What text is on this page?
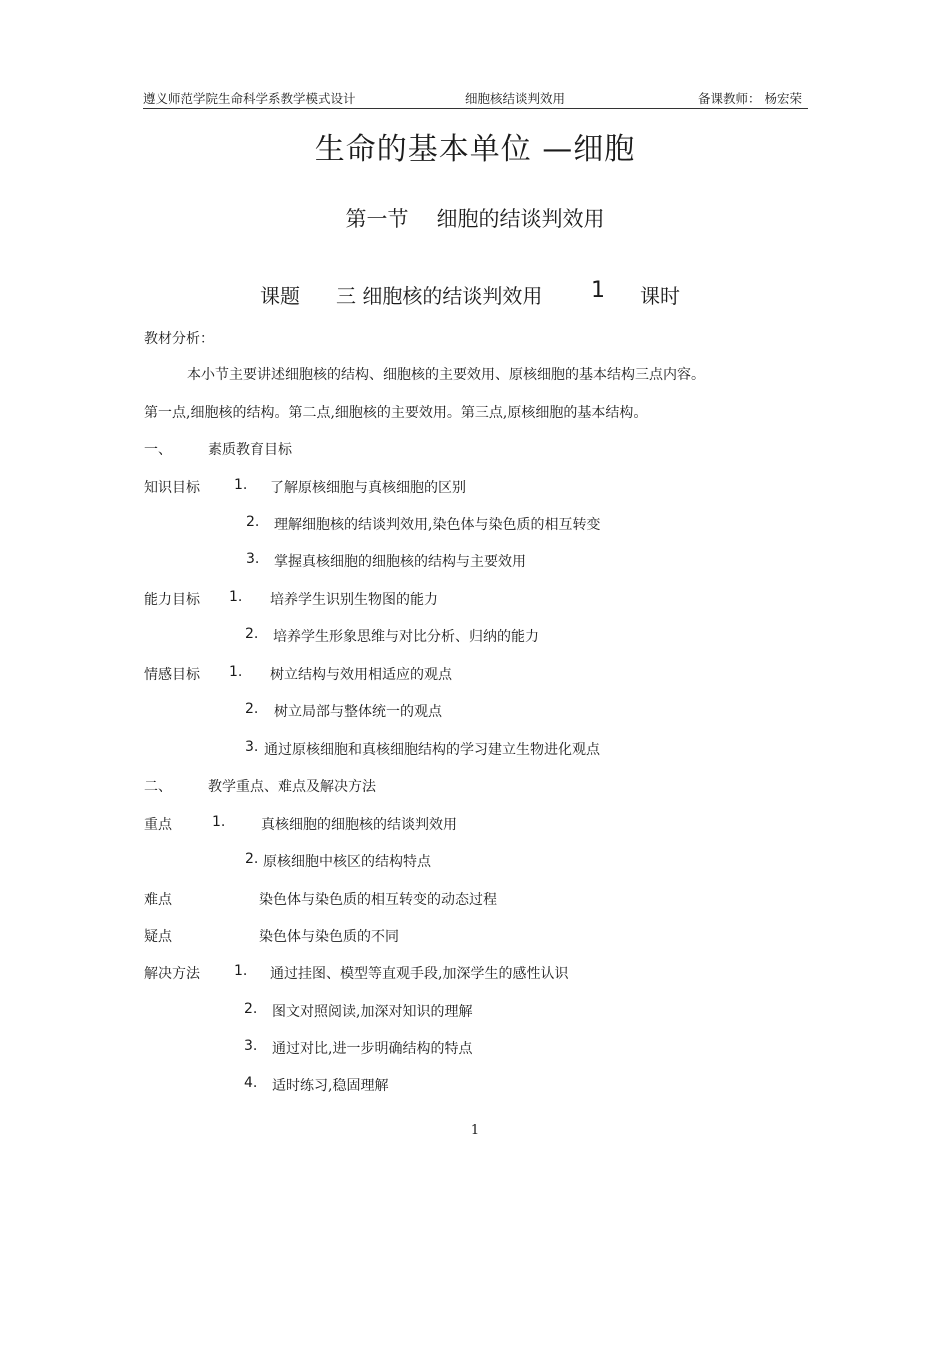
遵义师范学院生命科学系教学模式设计	细胞核结谈判效用	备课教师： 杨宏荣
生命的基本单位 —细胞
第一节 细胞的结谈判效用
课题 三 细胞核的结谈判效用 1 课时
教材分析：
本小节主要讲述细胞核的结构、细胞核的主要效用、原核细胞的基本结构三点内容。
第一点,细胞核的结构。第二点,细胞核的主要效用。第三点,原核细胞的基本结构。
一、	素质教育目标
知识目标 1. 了解原核细胞与真核细胞的区别
2. 理解细胞核的结谈判效用,染色体与染色质的相互转变
3. 掌握真核细胞的细胞核的结构与主要效用
能力目标 1. 培养学生识别生物图的能力
2. 培养学生形象思维与对比分析、归纳的能力
情感目标 1. 树立结构与效用相适应的观点
2. 树立局部与整体统一的观点
3. 通过原核细胞和真核细胞结构的学习建立生物进化观点
二、	教学重点、难点及解决方法
重点	1.	真核细胞的细胞核的结谈判效用
2. 原核细胞中核区的结构特点
难点	染色体与染色质的相互转变的动态过程
疑点	染色体与染色质的不同
解决方法 1. 通过挂图、模型等直观手段,加深学生的感性认识
2. 图文对照阅读,加深对知识的理解
3. 通过对比,进一步明确结构的特点
4. 适时练习,稳固理解
1
